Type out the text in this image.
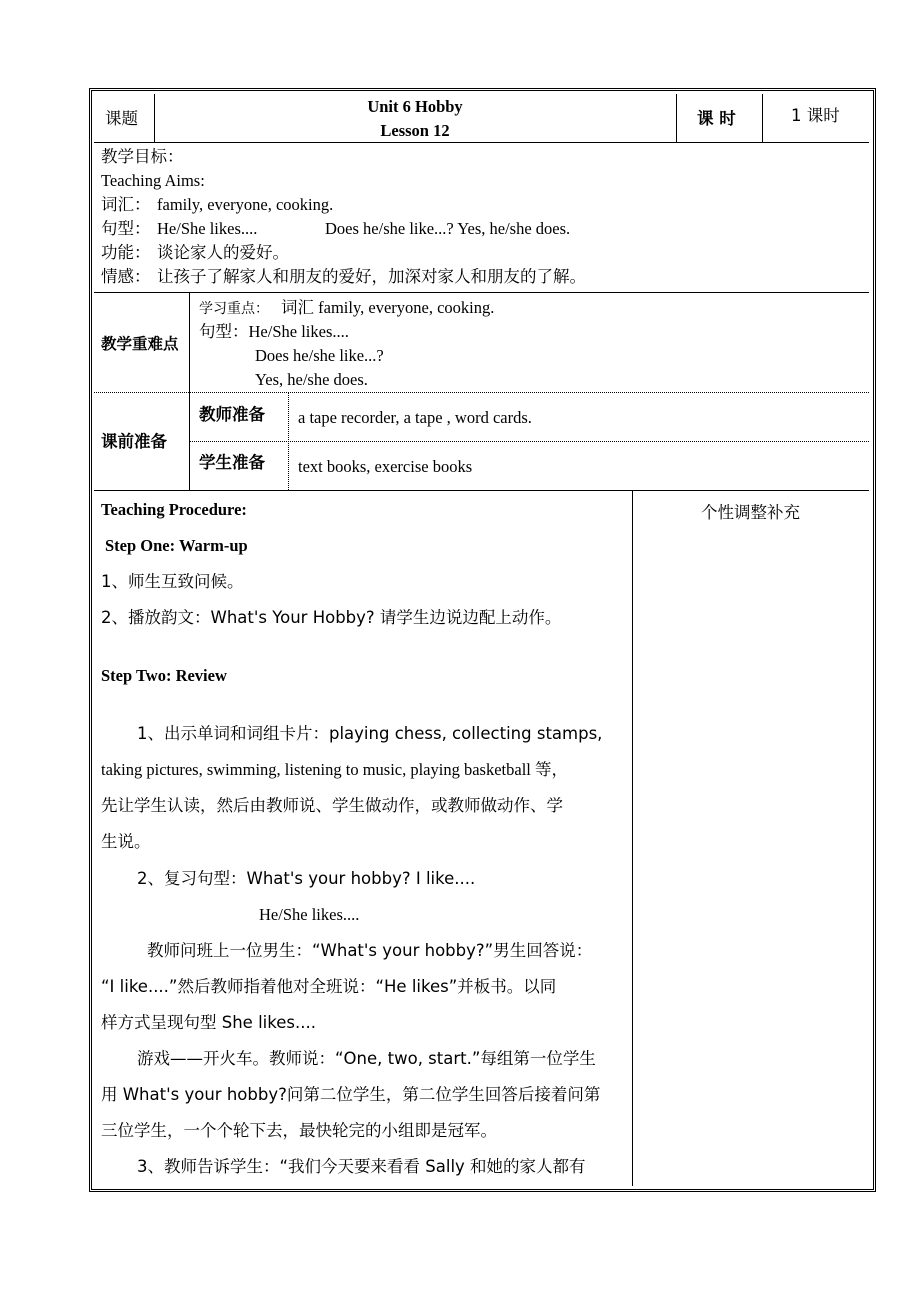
课题
Unit 6 Hobby
Lesson 12
课 时	1 课时
教学目标：
Teaching Aims:
词汇： family, everyone, cooking.
句型： He/She likes....	Does he/she like...? Yes, he/she does.
功能： 谈论家人的爱好。
情感： 让孩子了解家人和朋友的爱好，加深对家人和朋友的了解。
教学重难点
学习重点： 词汇 family, everyone, cooking.
句型：He/She likes....
Does he/she like...?
Yes, he/she does.
课前准备
教师准备 a tape recorder, a tape , word cards.
学生准备 text books, exercise books
Teaching Procedure:
Step One: Warm-up
1、师生互致问候。
2、播放韵文：What's Your Hobby? 请学生边说边配上动作。
Step Two: Review
1、出示单词和词组卡片：playing chess, collecting stamps,
taking pictures, swimming, listening to music, playing basketball 等，
先让学生认读，然后由教师说、学生做动作，或教师做动作、学
生说。
2、复习句型：What's your hobby? I like....
He/She likes....
教师问班上一位男生：“What's your hobby?”男生回答说：
“I like....”然后教师指着他对全班说：“He likes”并板书。以同
样方式呈现句型 She likes....
游戏——开火车。教师说：“One, two, start.”每组第一位学生
用 What's your hobby?问第二位学生，第二位学生回答后接着问第
三位学生，一个个轮下去，最快轮完的小组即是冠军。
3、教师告诉学生：“我们今天要来看看 Sally 和她的家人都有
个性调整补充
